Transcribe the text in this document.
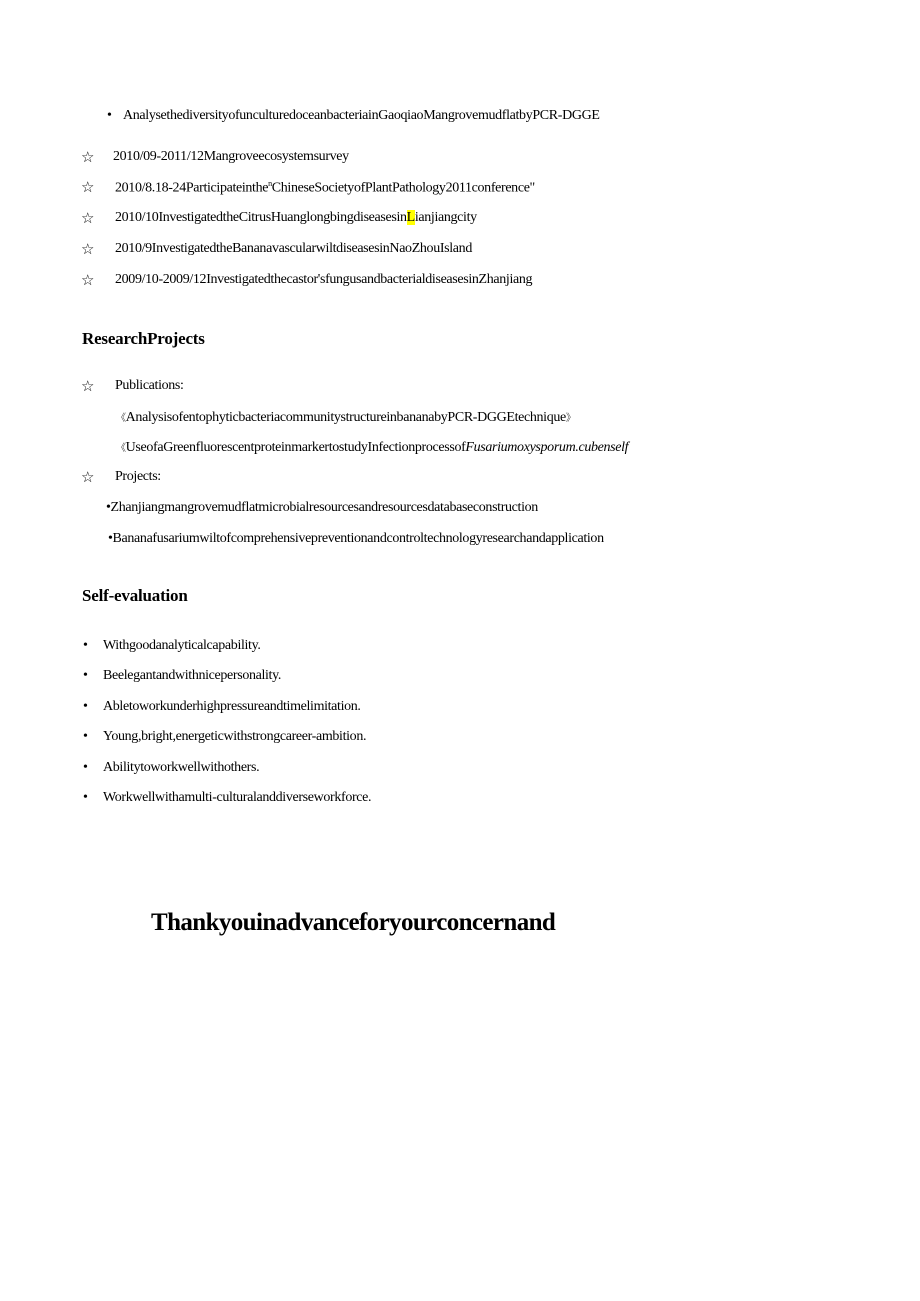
• AnalysethediversityofunculturedoceanbacteriainGaoqiaoMangrovemudflatbyPCR-DGGE
☆ 2010/09-2011/12Mangroveecosystemsurvey
☆ 2010/8.18-24Participateinthe$^n$ChineseSocietyofPlantPathology2011conference"
☆ 2010/10InvestigatedtheCitrusHuanglongbingdiseasesinLianjiangcity
☆ 2010/9InvestigatedtheBananavascularwiltdiseasesinNaoZhouIsland
☆ 2009/10-2009/12Investigatedthecastor'sfungusandbacterialdiseasesinZhanjiang
ResearchProjects
☆ Publications:
《AnalysisofentophyticbacteriacommunitystructureinbananabyPCR-DGGEtechnique》
《UseofaGreenfluorescentproteinmarkertostudyInfectionprocessofFusariumoxysporum.cubenself
☆ Projects:
•Zhanjiangmangrovemudflatmicrobialresourcesandresourcesdatabaseconstruction
•Bananafusariumwiltofcomprehensivepreventionandcontroltechnologyresearchandapplication
Self-evaluation
• Withgoodanalyticalcapability.
• Beelegantandwithnicepersonality.
• Abletoworkunderhighpressureandtimelimitation.
• Young,bright,energeticwithstrongcareer-ambition.
• Abilitytoworkwellwithothers.
• Workwellwithamulti-culturalanddiverseworkforce.
Thankyouinadvanceforyourconcernand
